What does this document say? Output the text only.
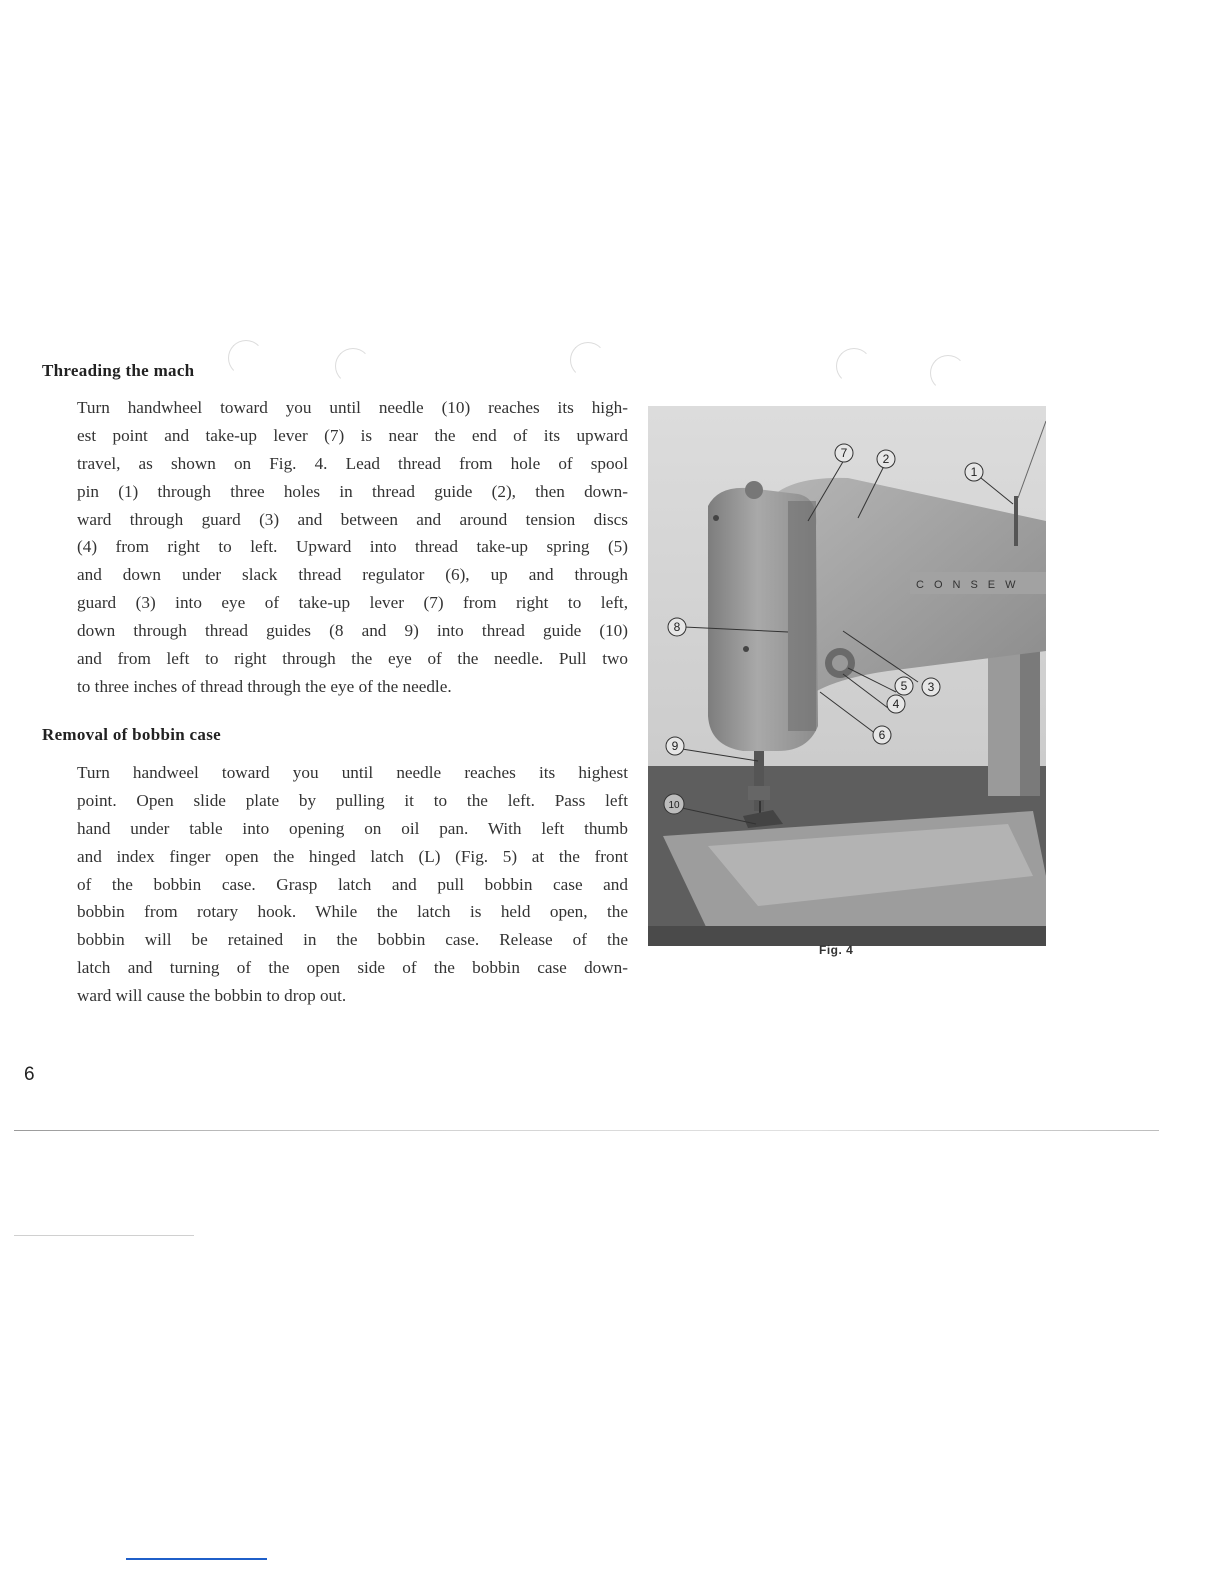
Threading the mach
Turn handwheel toward you until needle (10) reaches its high-
est point and take-up lever (7) is near the end of its upward
travel, as shown on Fig. 4. Lead thread from hole of spool
pin (1) through three holes in thread guide (2), then down-
ward through guard (3) and between and around tension discs
(4) from right to left. Upward into thread take-up spring (5)
and down under slack thread regulator (6), up and through
guard (3) into eye of take-up lever (7) from right to left,
down through thread guides (8 and 9) into thread guide (10)
and from left to right through the eye of the needle. Pull two
to three inches of thread through the eye of the needle.
Removal of bobbin case
Turn handweel toward you until needle reaches its highest
point. Open slide plate by pulling it to the left. Pass left
hand under table into opening on oil pan. With left thumb
and index finger open the hinged latch (L) (Fig. 5) at the front
of the bobbin case. Grasp latch and pull bobbin case and
bobbin from rotary hook. While the latch is held open, the
bobbin will be retained in the bobbin case. Release of the
latch and turning of the open side of the bobbin case down-
ward will cause the bobbin to drop out.
CONSEW
7	2
1
8
5 3
4
6
9
10
Fig. 4
6
